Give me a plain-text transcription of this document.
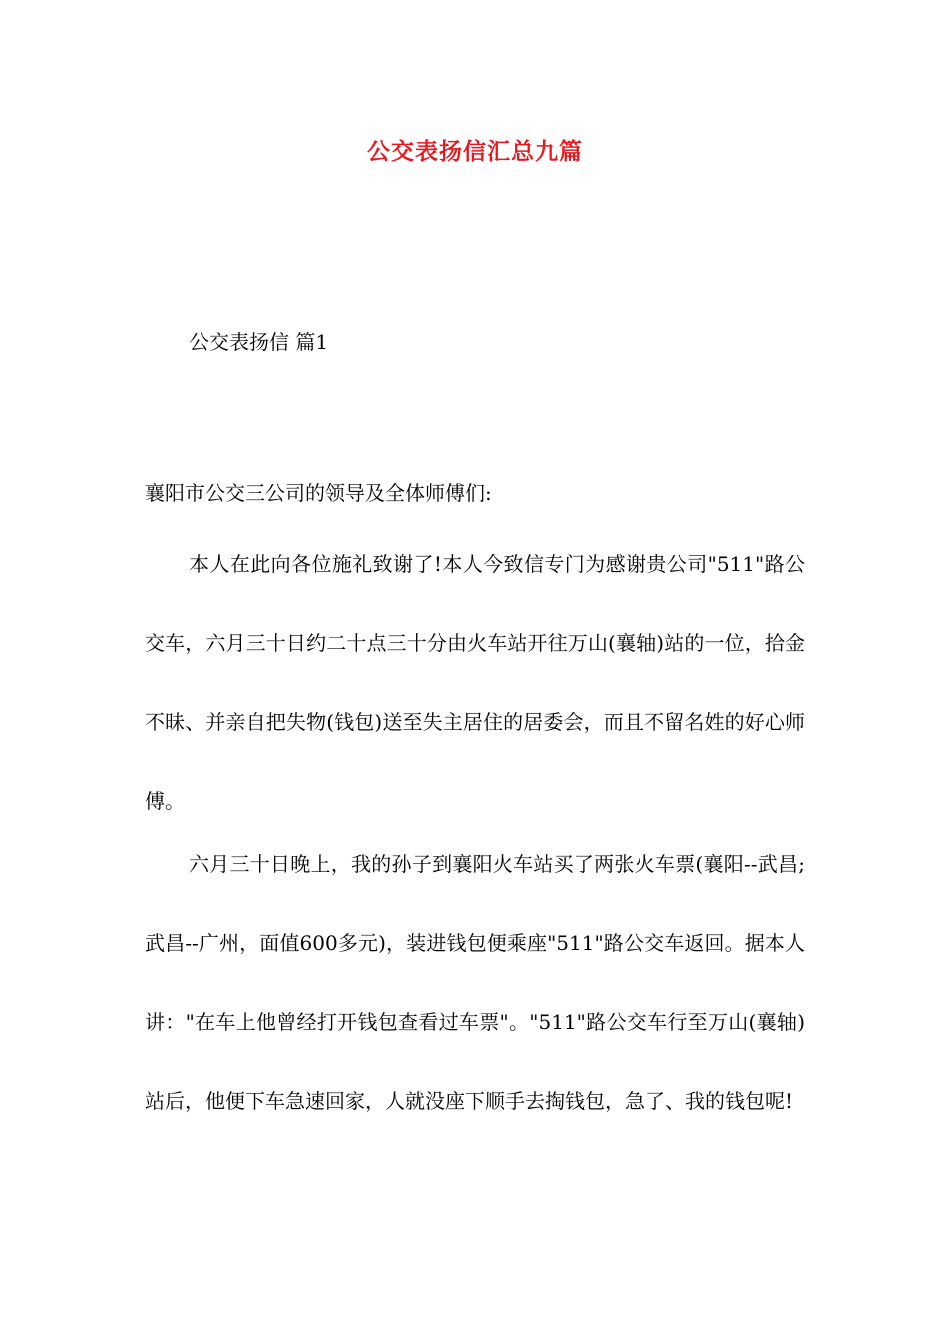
公交表扬信汇总九篇
公交表扬信 篇1
襄阳市公交三公司的领导及全体师傅们:
本人在此向各位施礼致谢了!本人今致信专门为感谢贵公司"511"路公交车，六月三十日约二十点三十分由火车站开往万山(襄轴)站的一位，拾金不昧、并亲自把失物(钱包)送至失主居住的居委会，而且不留名姓的好心师傅。
六月三十日晚上，我的孙子到襄阳火车站买了两张火车票(襄阳--武昌;武昌--广州，面值600多元)，装进钱包便乘座"511"路公交车返回。据本人讲："在车上他曾经打开钱包查看过车票"。"511"路公交车行至万山(襄轴)站后，他便下车急速回家，人就没座下顺手去掏钱包，急了、我的钱包呢!
